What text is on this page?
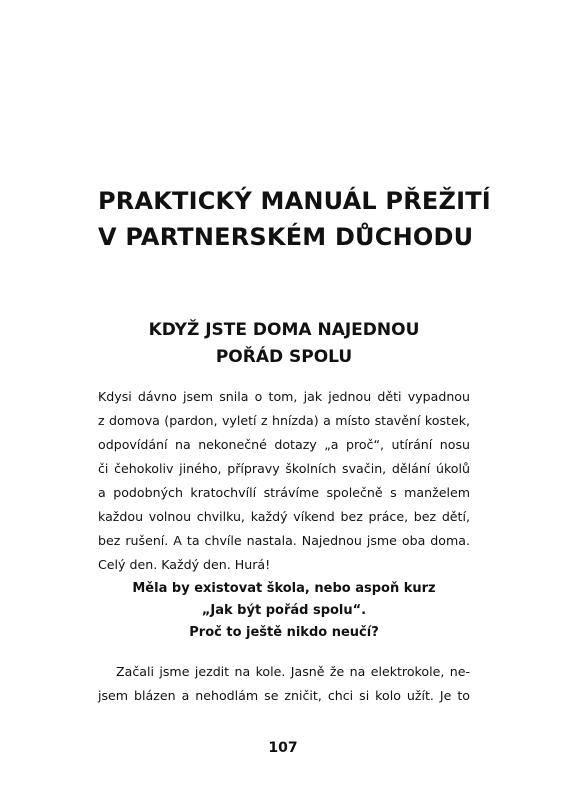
PRAKTICKÝ MANUÁL PŘEŽITÍ
V PARTNERSKÉM DŮCHODU
KDYŽ JSTE DOMA NAJEDNOU
POŘÁD SPOLU

Kdysi dávno jsem snila o tom, jak jednou děti vypadnou
z domova (pardon, vyletí z hnízda) a místo stavění kostek,
odpovídání na nekonečné dotazy „a proč“, utírání nosu
či čehokoliv jiného, přípravy školních svačin, dělání úkolů
a podobných kratochvílí strávíme společně s manželem
každou volnou chvilku, každý víkend bez práce, bez dětí,
bez rušení. A ta chvíle nastala. Najednou jsme oba doma.
Celý den. Každý den. Hurá!

Měla by existovat škola, nebo aspoň kurz
„Jak být pořád spolu“.
Proč to ještě nikdo neučí?

Začali jsme jezdit na kole. Jasně že na elektrokole, ne-
jsem blázen a nehodlám se zničit, chci si kolo užít. Je to

107
